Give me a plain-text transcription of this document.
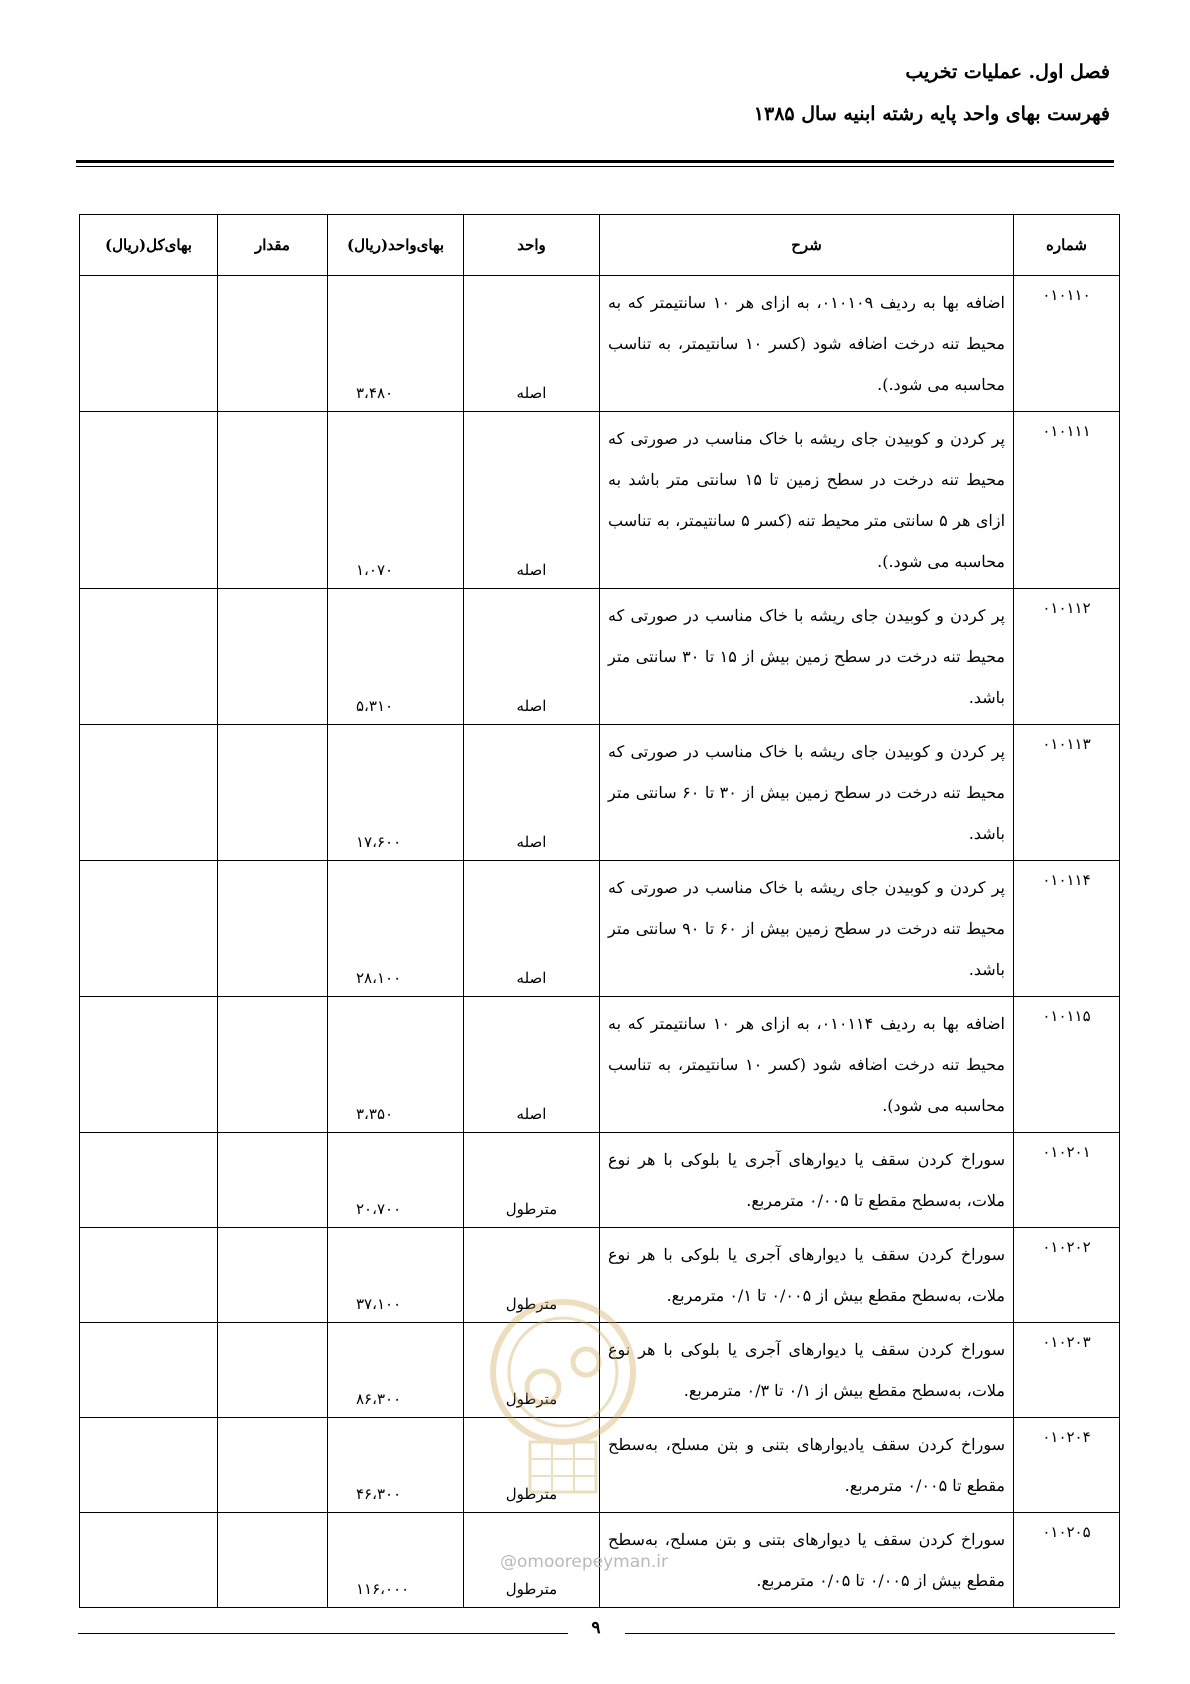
فصل اول. عملیات تخریب
فهرست بهای واحد پایه رشته ابنیه سال ۱۳۸۵
شماره	شرح	واحد	بهای‌واحد(ریال)	مقدار	بهای‌کل(ریال)
۰۱۰۱۱۰	اضافه بها به ردیف ۰۱۰۱۰۹، به ازای هر ۱۰ سانتیمتر که به محیط تنه درخت اضافه شود (کسر ۱۰ سانتیمتر، به تناسب محاسبه می شود.).	اصله	۳،۴۸۰		
۰۱۰۱۱۱	پر کردن و کوبیدن جای ریشه با خاک مناسب در صورتی که محیط تنه درخت در سطح زمین تا ۱۵ سانتی متر باشد به ازای هر ۵ سانتی متر محیط تنه (کسر ۵ سانتیمتر، به تناسب محاسبه می شود.).	اصله	۱،۰۷۰		
۰۱۰۱۱۲	پر کردن و کوبیدن جای ریشه با خاک مناسب در صورتی که محیط تنه درخت در سطح زمین بیش از ۱۵ تا ۳۰ سانتی متر باشد.	اصله	۵،۳۱۰		
۰۱۰۱۱۳	پر کردن و کوبیدن جای ریشه با خاک مناسب در صورتی که محیط تنه درخت در سطح زمین بیش از ۳۰ تا ۶۰ سانتی متر باشد.	اصله	۱۷،۶۰۰		
۰۱۰۱۱۴	پر کردن و کوبیدن جای ریشه با خاک مناسب در صورتی که محیط تنه درخت در سطح زمین بیش از ۶۰ تا ۹۰ سانتی متر باشد.	اصله	۲۸،۱۰۰		
۰۱۰۱۱۵	اضافه بها به ردیف ۰۱۰۱۱۴، به ازای هر ۱۰ سانتیمتر که به محیط تنه درخت اضافه شود (کسر ۱۰ سانتیمتر، به تناسب محاسبه می شود).	اصله	۳،۳۵۰		
۰۱۰۲۰۱	سوراخ کردن سقف یا دیوارهای آجری یا بلوکی با هر نوع ملات، به‌سطح مقطع تا ۰/۰۰۵ مترمربع.	مترطول	۲۰،۷۰۰		
۰۱۰۲۰۲	سوراخ کردن سقف یا دیوارهای آجری یا بلوکی با هر نوع ملات، به‌سطح مقطع بیش از ۰/۰۰۵ تا ۰/۱ مترمربع.	مترطول	۳۷،۱۰۰		
۰۱۰۲۰۳	سوراخ کردن سقف یا دیوارهای آجری یا بلوکی با هر نوع ملات، به‌سطح مقطع بیش از ۰/۱ تا ۰/۳ مترمربع.	مترطول	۸۶،۳۰۰		
۰۱۰۲۰۴	سوراخ کردن سقف یادیوارهای بتنی و بتن مسلح، به‌سطح مقطع تا ۰/۰۰۵ مترمربع.	مترطول	۴۶،۳۰۰		
۰۱۰۲۰۵	سوراخ کردن سقف یا دیوارهای بتنی و بتن مسلح، به‌سطح مقطع بیش از ۰/۰۰۵ تا ۰/۰۵ مترمربع.	مترطول	۱۱۶،۰۰۰		
@omoorepeyman.ir
۹
